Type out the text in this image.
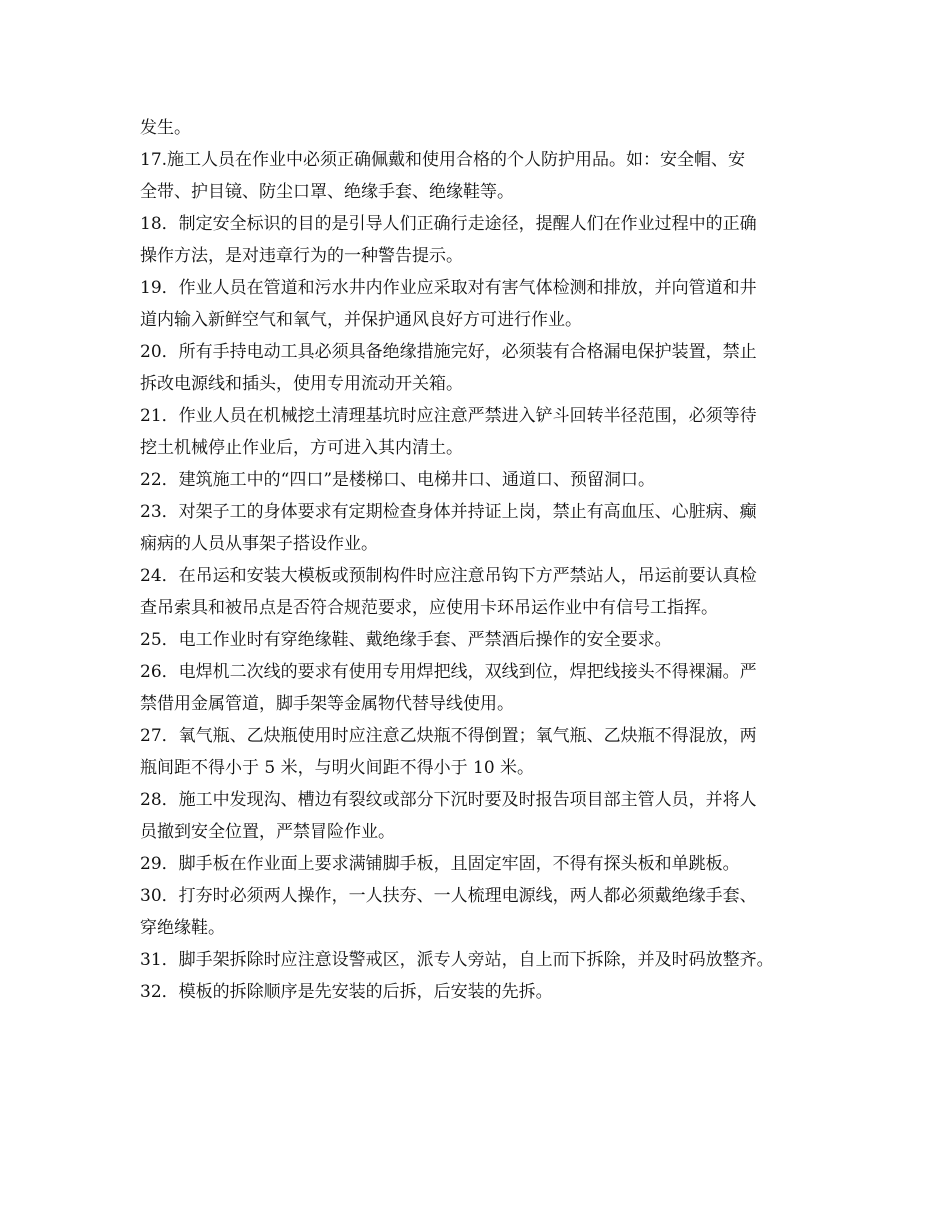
发生。
17.施工人员在作业中必须正确佩戴和使用合格的个人防护用品。如：安全帽、安
全带、护目镜、防尘口罩、绝缘手套、绝缘鞋等。
18．制定安全标识的目的是引导人们正确行走途径，提醒人们在作业过程中的正确
操作方法，是对违章行为的一种警告提示。
19．作业人员在管道和污水井内作业应采取对有害气体检测和排放，并向管道和井
道内输入新鲜空气和氧气，并保护通风良好方可进行作业。
20．所有手持电动工具必须具备绝缘措施完好，必须装有合格漏电保护装置，禁止
拆改电源线和插头，使用专用流动开关箱。
21．作业人员在机械挖土清理基坑时应注意严禁进入铲斗回转半径范围，必须等待
挖土机械停止作业后，方可进入其内清土。
22．建筑施工中的“四口”是楼梯口、电梯井口、通道口、预留洞口。
23．对架子工的身体要求有定期检查身体并持证上岗，禁止有高血压、心脏病、癫
痫病的人员从事架子搭设作业。
24．在吊运和安装大模板或预制构件时应注意吊钩下方严禁站人，吊运前要认真检
查吊索具和被吊点是否符合规范要求，应使用卡环吊运作业中有信号工指挥。
25．电工作业时有穿绝缘鞋、戴绝缘手套、严禁酒后操作的安全要求。
26．电焊机二次线的要求有使用专用焊把线，双线到位，焊把线接头不得裸漏。严
禁借用金属管道，脚手架等金属物代替导线使用。
27．氧气瓶、乙炔瓶使用时应注意乙炔瓶不得倒置；氧气瓶、乙炔瓶不得混放，两
瓶间距不得小于 5 米，与明火间距不得小于 10 米。
28．施工中发现沟、槽边有裂纹或部分下沉时要及时报告项目部主管人员，并将人
员撤到安全位置，严禁冒险作业。
29．脚手板在作业面上要求满铺脚手板，且固定牢固，不得有探头板和单跳板。
30．打夯时必须两人操作，一人扶夯、一人梳理电源线，两人都必须戴绝缘手套、
穿绝缘鞋。
31．脚手架拆除时应注意设警戒区，派专人旁站，自上而下拆除，并及时码放整齐。
32．模板的拆除顺序是先安装的后拆，后安装的先拆。
